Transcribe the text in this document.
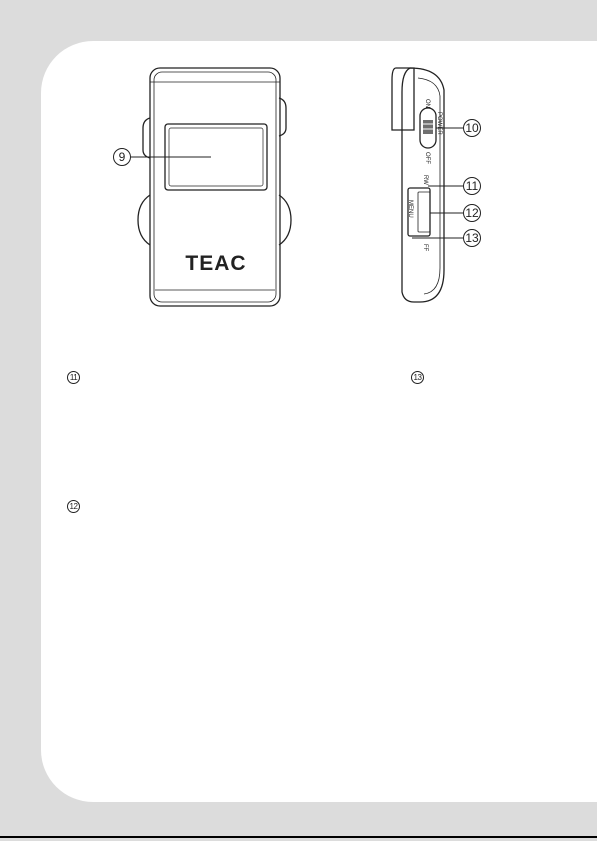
TEAC
ON
POWER
OFF
RW
MENU
FF
9
10
11
12
13
11	13
12
